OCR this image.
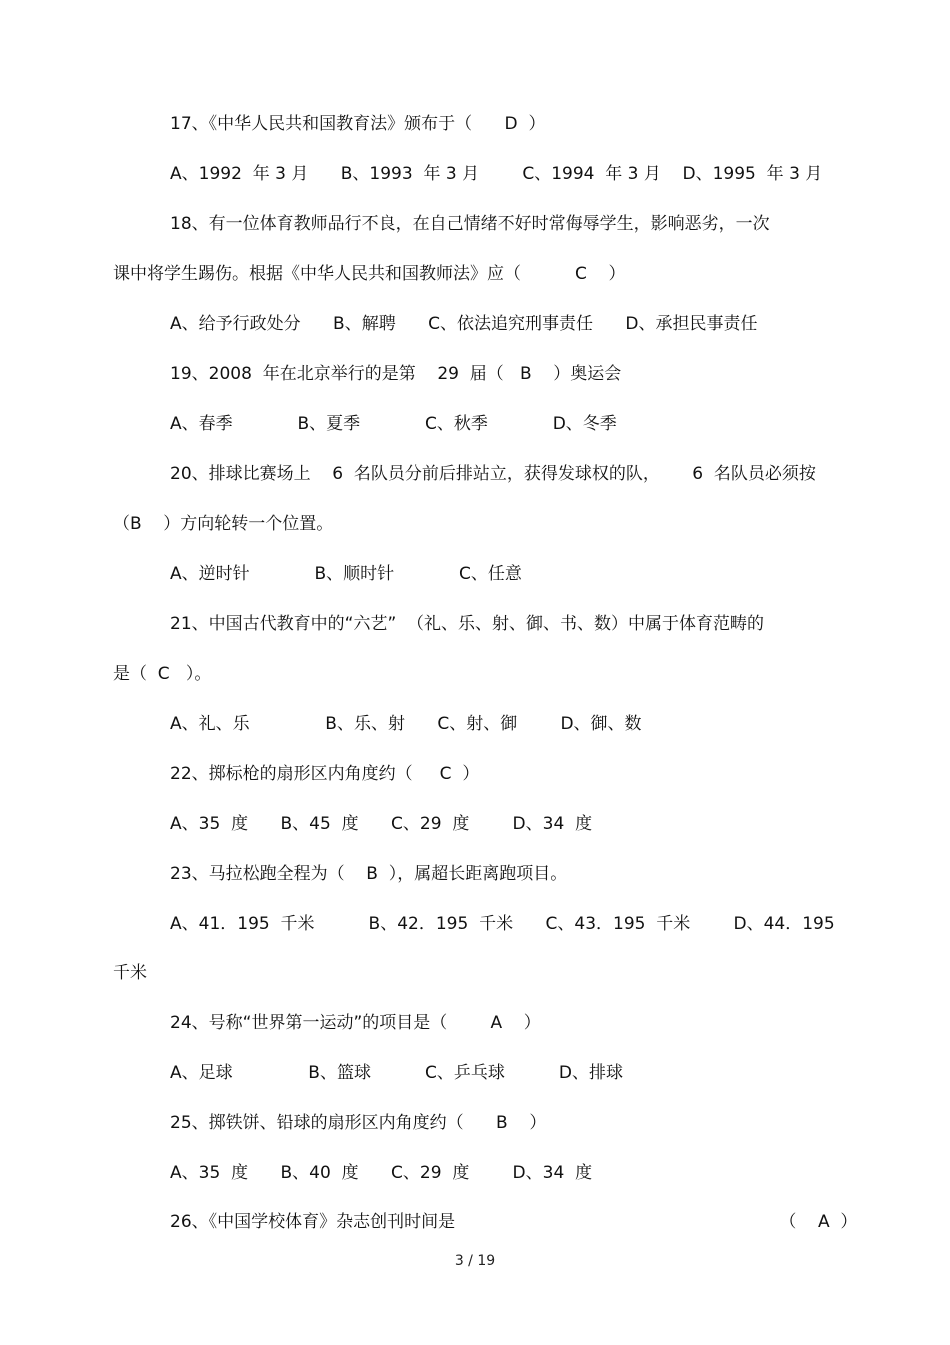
17、《中华人民共和国教育法》颁布于（      D  ）
A、1992  年 3 月      B、1993  年 3 月        C、1994  年 3 月    D、1995  年 3 月
18、有一位体育教师品行不良，在自己情绪不好时常侮辱学生，影响恶劣，一次
课中将学生踢伤。根据《中华人民共和国教师法》应（          C    ）
A、给予行政处分      B、解聘      C、依法追究刑事责任      D、承担民事责任
19、2008  年在北京举行的是第    29  届（   B    ）奥运会
A、春季            B、夏季            C、秋季            D、冬季
20、排球比赛场上    6  名队员分前后排站立，获得发球权的队，      6  名队员必须按
（B    ）方向轮转一个位置。
A、逆时针            B、顺时针            C、任意
21、中国古代教育中的“六艺”  （礼、乐、射、御、书、数）中属于体育范畴的
是（  C   ）。
A、礼、乐              B、乐、射      C、射、御        D、御、数
22、掷标枪的扇形区内角度约（     C  ）
A、35  度      B、45  度      C、29  度        D、34  度
23、马拉松跑全程为（    B  ），属超长距离跑项目。
A、41．195  千米          B、42．195  千米      C、43．195  千米        D、44．195
千米
24、号称“世界第一运动”的项目是（        A    ）
A、足球              B、篮球          C、乒乓球          D、排球
25、掷铁饼、铅球的扇形区内角度约（      B    ）
A、35  度      B、40  度      C、29  度        D、34  度
26、《中国学校体育》杂志创刊时间是                                                            （    A  ）
3 / 19
